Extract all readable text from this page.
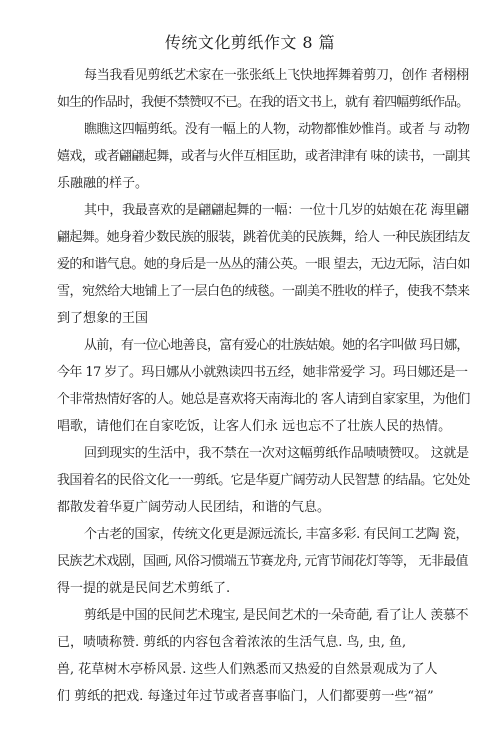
传统文化剪纸作文 8 篇
每当我看见剪纸艺术家在一张张纸上飞快地挥舞着剪刀，创作 者栩栩
如生的作品时，我便不禁赞叹不已。在我的语文书上，就有 着四幅剪纸作品。
瞧瞧这四幅剪纸。没有一幅上的人物，动物都惟妙惟肖。或者 与 动物
嬉戏，或者翩翩起舞，或者与火伴互相匡助，或者津津有 味的读书，一副其
乐融融的样子。
其中，我最喜欢的是翩翩起舞的一幅：一位十几岁的姑娘在花 海里翩
翩起舞。她身着少数民族的服装，跳着优美的民族舞，给人 一种民族团结友
爱的和谐气息。她的身后是一丛丛的蒲公英。一眼 望去，无边无际，洁白如
雪，宛然给大地铺上了一层白色的绒毯。一副美不胜收的样子，使我不禁来
到了想象的王国
从前，有一位心地善良，富有爱心的壮族姑娘。她的名字叫做 玛日娜，
今年 17 岁了。玛日娜从小就熟读四书五经，她非常爱学 习。玛日娜还是一
个非常热情好客的人。她总是喜欢将天南海北的 客人请到自家家里，为他们
唱歌，请他们在自家吃饭，让客人们永 远也忘不了壮族人民的热情。
回到现实的生活中，我不禁在一次对这幅剪纸作品啧啧赞叹。 这就是
我国着名的民俗文化一一剪纸。它是华夏广阔劳动人民智慧 的结晶。它处处
都散发着华夏广阔劳动人民团结，和谐的气息。
个古老的国家，传统文化更是源远流长, 丰富多彩. 有民间工艺陶 瓷，
民族艺术戏剧，国画, 风俗习惯端五节赛龙舟, 元宵节闹花灯等等， 无非最值
得一提的就是民间艺术剪纸了.
剪纸是中国的民间艺术瑰宝, 是民间艺术的一朵奇葩, 看了让人 羡慕不
已，啧啧称赞. 剪纸的内容包含着浓浓的生活气息. 鸟, 虫, 鱼,
兽, 花草树木亭桥风景. 这些人们熟悉而又热爱的自然景观成为了人
们 剪纸的把戏. 每逢过年过节或者喜事临门，人们都要剪一些“福”
